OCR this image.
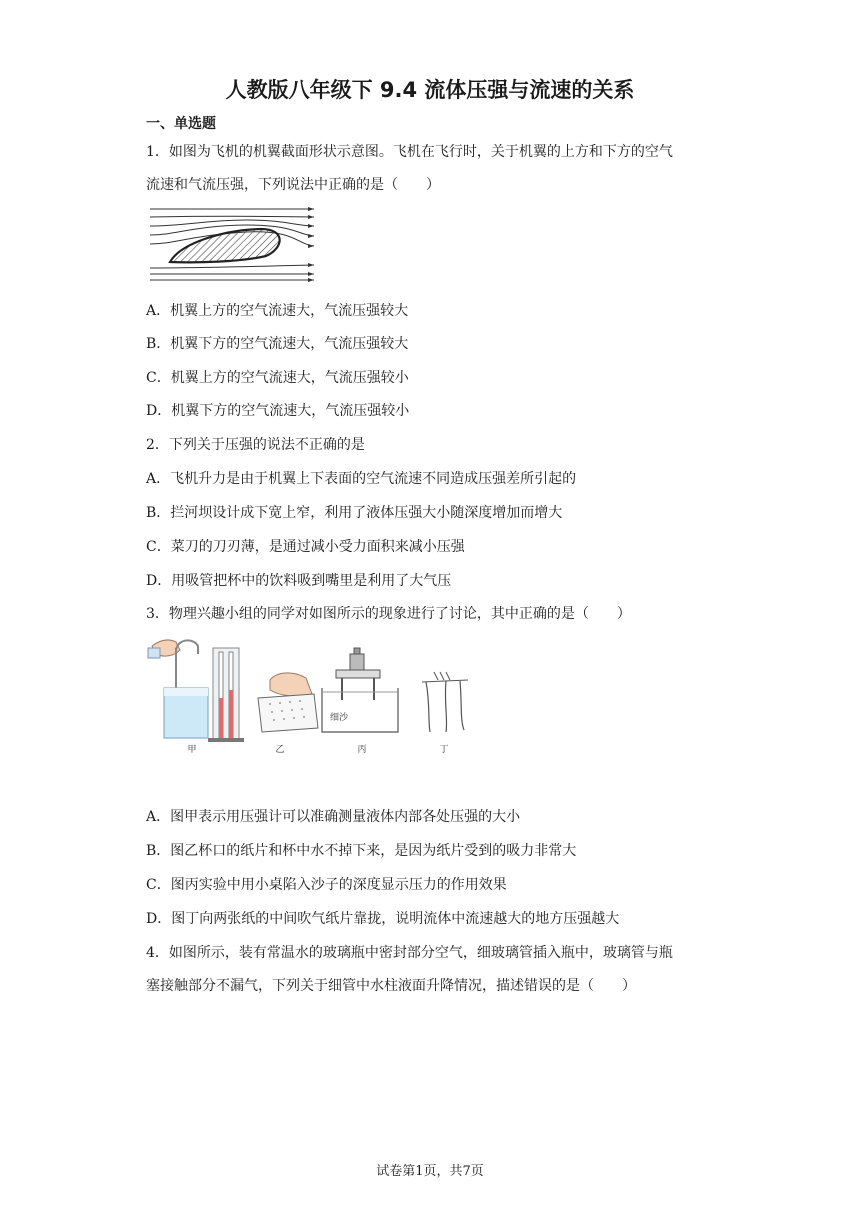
人教版八年级下 9.4 流体压强与流速的关系
一、单选题
1．如图为飞机的机翼截面形状示意图。飞机在飞行时，关于机翼的上方和下方的空气
流速和气流压强，下列说法中正确的是（　　）
A．机翼上方的空气流速大，气流压强较大
B．机翼下方的空气流速大，气流压强较大
C．机翼上方的空气流速大，气流压强较小
D．机翼下方的空气流速大，气流压强较小
2．下列关于压强的说法不正确的是
A．飞机升力是由于机翼上下表面的空气流速不同造成压强差所引起的
B．拦河坝设计成下宽上窄，利用了液体压强大小随深度增加而增大
C．菜刀的刀刃薄，是通过减小受力面积来减小压强
D．用吸管把杯中的饮料吸到嘴里是利用了大气压
3．物理兴趣小组的同学对如图所示的现象进行了讨论，其中正确的是（　　）
细沙
甲	乙	丙	丁
A．图甲表示用压强计可以准确测量液体内部各处压强的大小
B．图乙杯口的纸片和杯中水不掉下来，是因为纸片受到的吸力非常大
C．图丙实验中用小桌陷入沙子的深度显示压力的作用效果
D．图丁向两张纸的中间吹气纸片靠拢，说明流体中流速越大的地方压强越大
4．如图所示，装有常温水的玻璃瓶中密封部分空气，细玻璃管插入瓶中，玻璃管与瓶
塞接触部分不漏气，下列关于细管中水柱液面升降情况，描述错误的是（　　）
试卷第1页，共7页
